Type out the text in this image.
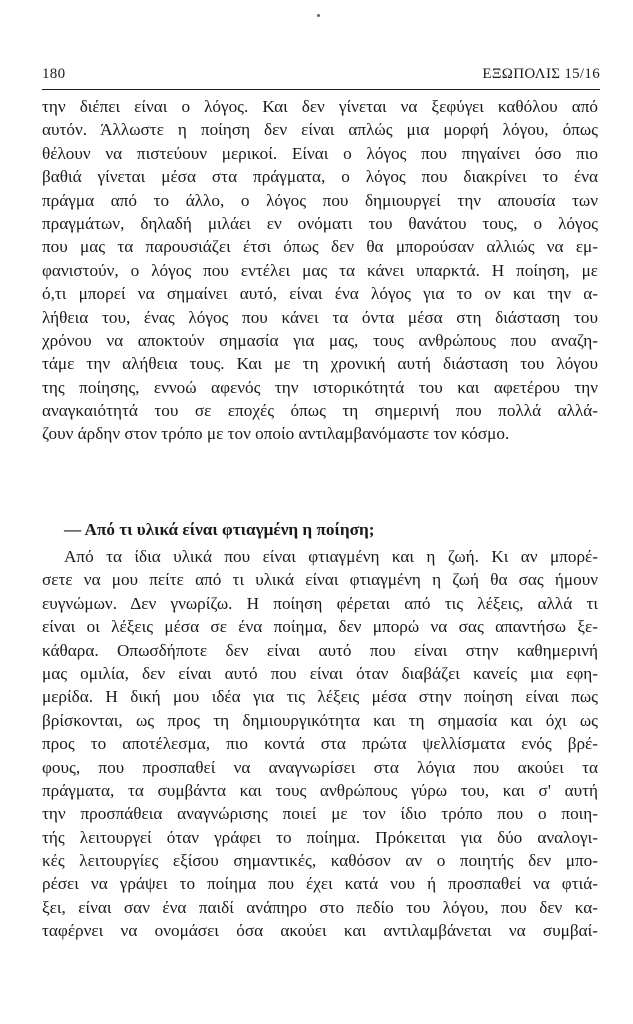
180	ΕΞΩΠΟΛΙΣ 15/16
την διέπει είναι ο λόγος. Και δεν γίνεται να ξεφύγει καθόλου από
αυτόν. Άλλωστε η ποίηση δεν είναι απλώς μια μορφή λόγου, όπως
θέλουν να πιστεύουν μερικοί. Είναι ο λόγος που πηγαίνει όσο πιο
βαθιά γίνεται μέσα στα πράγματα, ο λόγος που διακρίνει το ένα
πράγμα από το άλλο, ο λόγος που δημιουργεί την απουσία των
πραγμάτων, δηλαδή μιλάει εν ονόματι του θανάτου τους, ο λόγος
που μας τα παρουσιάζει έτσι όπως δεν θα μπορούσαν αλλιώς να εμ-
φανιστούν, ο λόγος που εντέλει μας τα κάνει υπαρκτά. Η ποίηση, με
ό,τι μπορεί να σημαίνει αυτό, είναι ένα λόγος για το ον και την α-
λήθεια του, ένας λόγος που κάνει τα όντα μέσα στη διάσταση του
χρόνου να αποκτούν σημασία για μας, τους ανθρώπους που αναζη-
τάμε την αλήθεια τους. Και με τη χρονική αυτή διάσταση του λόγου
της ποίησης, εννοώ αφενός την ιστορικότητά του και αφετέρου την
αναγκαιότητά του σε εποχές όπως τη σημερινή που πολλά αλλά-
ζουν άρδην στον τρόπο με τον οποίο αντιλαμβανόμαστε τον κόσμο.
— Από τι υλικά είναι φτιαγμένη η ποίηση;
Από τα ίδια υλικά που είναι φτιαγμένη και η ζωή. Κι αν μπορέ-
σετε να μου πείτε από τι υλικά είναι φτιαγμένη η ζωή θα σας ήμουν
ευγνώμων. Δεν γνωρίζω. Η ποίηση φέρεται από τις λέξεις, αλλά τι
είναι οι λέξεις μέσα σε ένα ποίημα, δεν μπορώ να σας απαντήσω ξε-
κάθαρα. Οπωσδήποτε δεν είναι αυτό που είναι στην καθημερινή
μας ομιλία, δεν είναι αυτό που είναι όταν διαβάζει κανείς μια εφη-
μερίδα. Η δική μου ιδέα για τις λέξεις μέσα στην ποίηση είναι πως
βρίσκονται, ως προς τη δημιουργικότητα και τη σημασία και όχι ως
προς το αποτέλεσμα, πιο κοντά στα πρώτα ψελλίσματα ενός βρέ-
φους, που προσπαθεί να αναγνωρίσει στα λόγια που ακούει τα
πράγματα, τα συμβάντα και τους ανθρώπους γύρω του, και σ' αυτή
την προσπάθεια αναγνώρισης ποιεί με τον ίδιο τρόπο που ο ποιη-
τής λειτουργεί όταν γράφει το ποίημα. Πρόκειται για δύο αναλογι-
κές λειτουργίες εξίσου σημαντικές, καθόσον αν ο ποιητής δεν μπο-
ρέσει να γράψει το ποίημα που έχει κατά νου ή προσπαθεί να φτιά-
ξει, είναι σαν ένα παιδί ανάπηρο στο πεδίο του λόγου, που δεν κα-
ταφέρνει να ονομάσει όσα ακούει και αντιλαμβάνεται να συμβαί-
